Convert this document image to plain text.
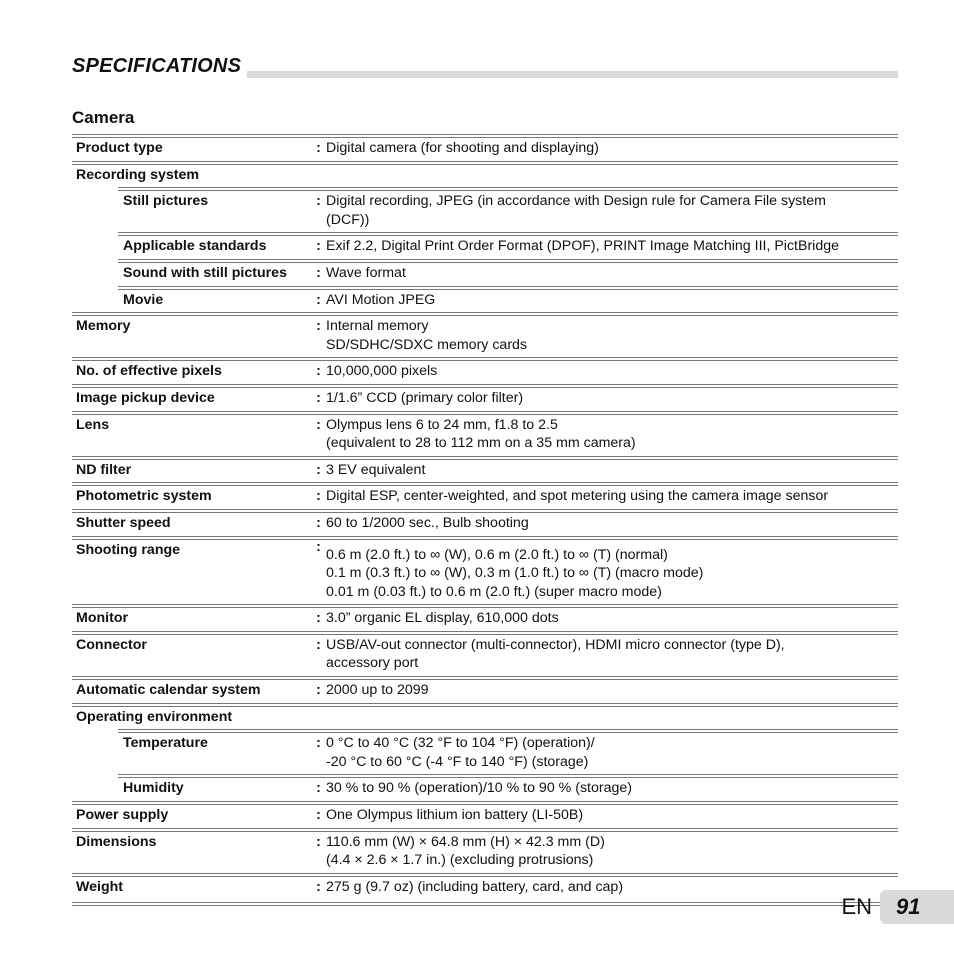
SPECIFICATIONS
Camera
Product type	: Digital camera (for shooting and displaying)
Recording system
Still pictures	: Digital recording, JPEG (in accordance with Design rule for Camera File system
(DCF))
Applicable standards	: Exif 2.2, Digital Print Order Format (DPOF), PRINT Image Matching III, PictBridge
Sound with still pictures	: Wave format
Movie	: AVI Motion JPEG
Memory	: Internal memory
SD/SDHC/SDXC memory cards
No. of effective pixels	: 10,000,000 pixels
Image pickup device	: 1/1.6” CCD (primary color filter)
Lens	: Olympus lens 6 to 24 mm, f1.8 to 2.5
(equivalent to 28 to 112 mm on a 35 mm camera)
ND filter	: 3 EV equivalent
Photometric system	: Digital ESP, center-weighted, and spot metering using the camera image sensor
Shutter speed	: 60 to 1/2000 sec., Bulb shooting
Shooting range	: 0.6 m (2.0 ft.) to ∞ (W), 0.6 m (2.0 ft.) to ∞ (T) (normal)
0.1 m (0.3 ft.) to ∞ (W), 0.3 m (1.0 ft.) to ∞ (T) (macro mode)
0.01 m (0.03 ft.) to 0.6 m (2.0 ft.) (super macro mode)
Monitor	: 3.0” organic EL display, 610,000 dots
Connector	: USB/AV-out connector (multi-connector), HDMI micro connector (type D),
accessory port
Automatic calendar system	: 2000 up to 2099
Operating environment
Temperature	: 0 °C to 40 °C (32 °F to 104 °F) (operation)/
-20 °C to 60 °C (-4 °F to 140 °F) (storage)
Humidity	: 30 % to 90 % (operation)/10 % to 90 % (storage)
Power supply	: One Olympus lithium ion battery (LI-50B)
Dimensions	: 110.6 mm (W) × 64.8 mm (H) × 42.3 mm (D)
(4.4 × 2.6 × 1.7 in.) (excluding protrusions)
Weight	: 275 g (9.7 oz) (including battery, card, and cap)
EN	91
